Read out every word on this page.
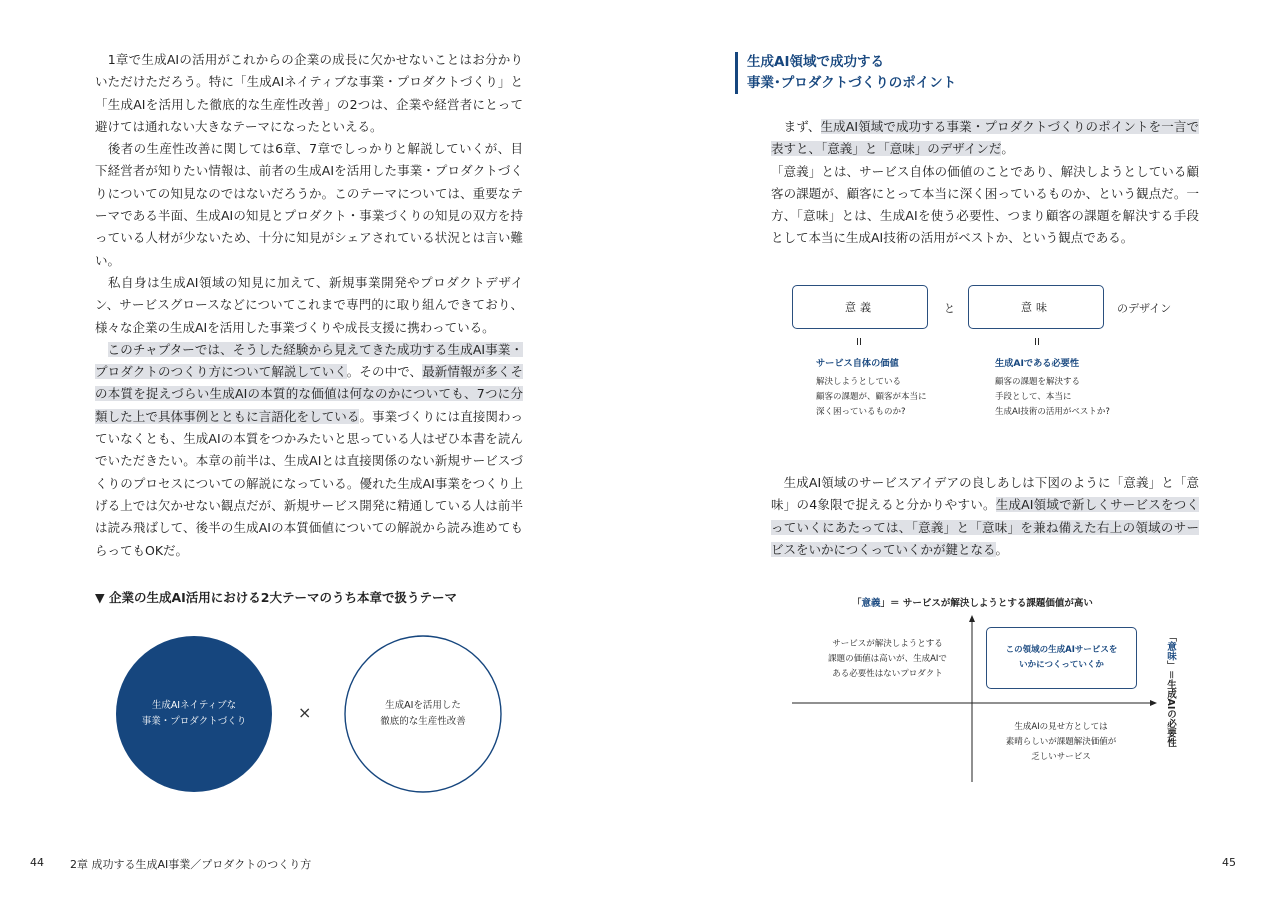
　1章で生成AIの活用がこれからの企業の成長に欠かせないことはお分かりいただけただろう。特に「生成AIネイティブな事業・プロダクトづくり」と「生成AIを活用した徹底的な生産性改善」の2つは、企業や経営者にとって避けては通れない大きなテーマになったといえる。

　後者の生産性改善に関しては6章、7章でしっかりと解説していくが、目下経営者が知りたい情報は、前者の生成AIを活用した事業・プロダクトづくりについての知見なのではないだろうか。このテーマについては、重要なテーマである半面、生成AIの知見とプロダクト・事業づくりの知見の双方を持っている人材が少ないため、十分に知見がシェアされている状況とは言い難い。

　私自身は生成AI領域の知見に加えて、新規事業開発やプロダクトデザイン、サービスグロースなどについてこれまで専門的に取り組んできており、様々な企業の生成AIを活用した事業づくりや成長支援に携わっている。

　このチャプターでは、そうした経験から見えてきた成功する生成AI事業・プロダクトのつくり方について解説していく。その中で、最新情報が多くその本質を捉えづらい生成AIの本質的な価値は何なのかについても、7つに分類した上で具体事例とともに言語化をしている。事業づくりには直接関わっていなくとも、生成AIの本質をつかみたいと思っている人はぜひ本書を読んでいただきたい。本章の前半は、生成AIとは直接関係のない新規サービスづくりのプロセスについての解説になっている。優れた生成AI事業をつくり上げる上では欠かせない観点だが、新規サービス開発に精通している人は前半は読み飛ばして、後半の生成AIの本質価値についての解説から読み進めてもらってもOKだ。

▼ 企業の生成AI活用における2大テーマのうち本章で扱うテーマ
生成AIネイティブな
事業・プロダクトづくり	×	生成AIを活用した
徹底的な生産性改善
44 2章 成功する生成AI事業／プロダクトのつくり方
生成AI領域で成功する
事業･プロダクトづくりのポイント

　まず、生成AI領域で成功する事業・プロダクトづくりのポイントを一言で表すと、「意義」と「意味」のデザインだ。

「意義」とは、サービス自体の価値のことであり、解決しようとしている顧客の課題が、顧客にとって本当に深く困っているものか、という観点だ。一方、「意味」とは、生成AIを使う必要性、つまり顧客の課題を解決する手段として本当に生成AI技術の活用がベストか、という観点である。

意義	と	意味	のデザイン
II	II
サービス自体の価値
解決しようとしている
顧客の課題が、顧客が本当に
深く困っているものか?
生成AIである必要性
顧客の課題を解決する
手段として、本当に
生成AI技術の活用がベストか?

　生成AI領域のサービスアイデアの良しあしは下図のように「意義」と「意味」の4象限で捉えると分かりやすい。生成AI領域で新しくサービスをつくっていくにあたっては、「意義」と「意味」を兼ね備えた右上の領域のサービスをいかにつくっていくかが鍵となる。

「意義」＝ サービスが解決しようとする課題価値が高い
サービスが解決しようとする
課題の価値は高いが、生成AIで
ある必要性はないプロダクト
この領域の生成AIサービスを
いかにつくっていくか
生成AIの見せ方としては
素晴らしいが課題解決価値が
乏しいサービス
「意味」＝生成AIの必要性
45
